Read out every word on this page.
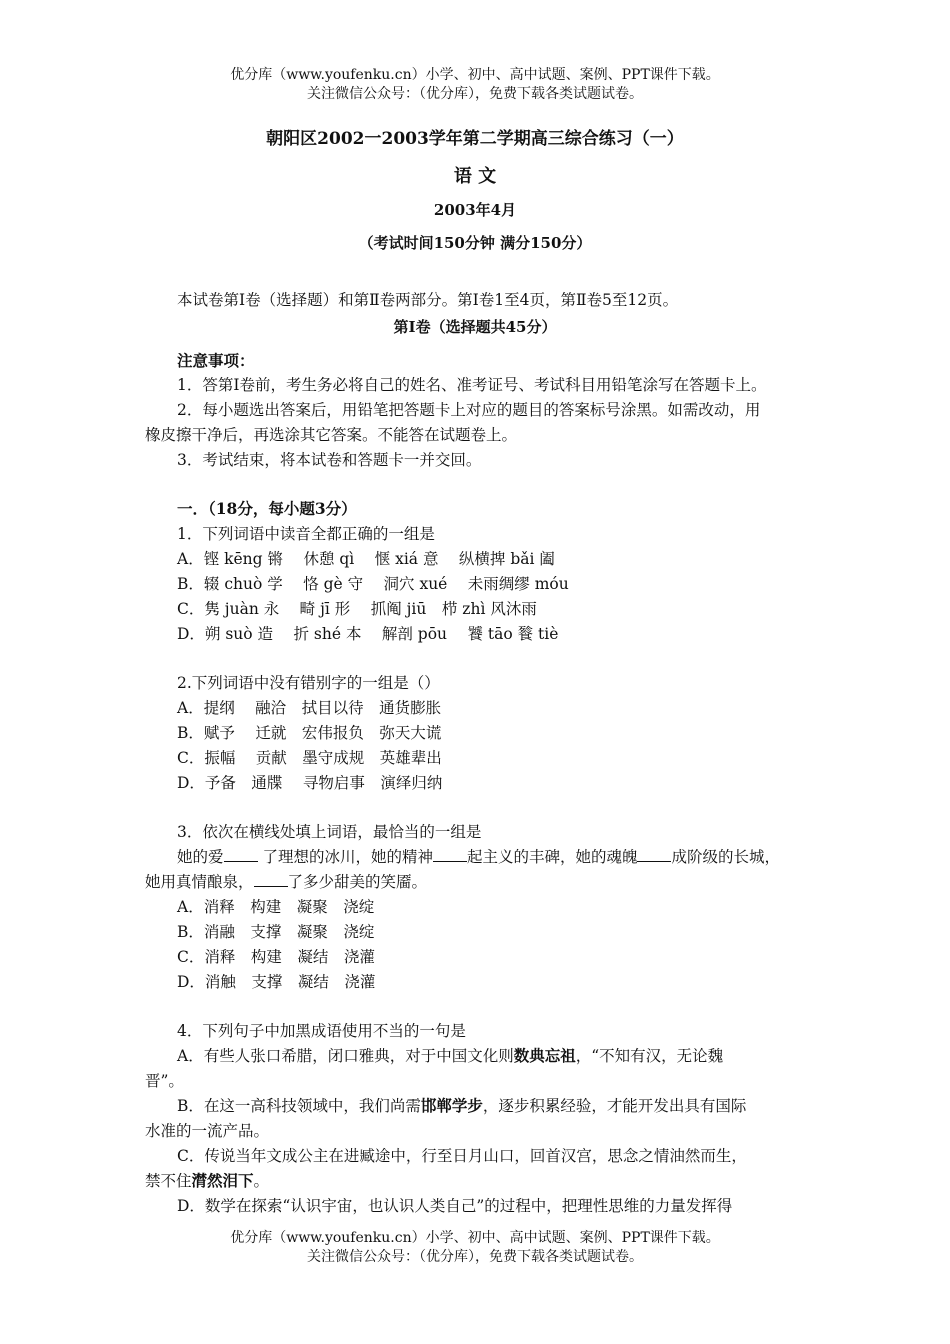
优分库（www.youfenku.cn）小学、初中、高中试题、案例、PPT课件下载。
关注微信公众号：（优分库），免费下载各类试题试卷。
朝阳区2002一2003学年第二学期高三综合练习（一）
语 文
2003年4月
（考试时间150分钟 满分150分）
本试卷第Ⅰ卷（选择题）和第Ⅱ卷两部分。第Ⅰ卷1至4页，第Ⅱ卷5至12页。
第Ⅰ卷（选择题共45分）
注意事项：
1．答第Ⅰ卷前，考生务必将自己的姓名、准考证号、考试科目用铅笔涂写在答题卡上。
2．每小题选出答案后，用铅笔把答题卡上对应的题目的答案标号涂黑。如需改动，用
橡皮擦干净后，再选涂其它答案。不能答在试题卷上。
3．考试结束，将本试卷和答题卡一并交回。
一．（18分，每小题3分）
1．下列词语中读音全都正确的一组是
A．铿 kēng 锵　 休憩 qì　 惬 xiá 意　 纵横捭 bǎi 阖
B．辍 chuò 学　 恪 gè 守　 洞穴 xué　 未雨绸缪 móu
C．隽 juàn 永　 畸 jī 形　 抓阄 jiū　栉 zhì 风沐雨
D．朔 suò 造　 折 shé 本　 解剖 pōu　 饕 tāo 餮 tiè
2.下列词语中没有错别字的一组是（）
A．提纲　 融洽　拭目以待　通货膨胀
B．赋予　 迁就　宏伟报负　弥天大谎
C．振幅　 贡献　墨守成规　英雄辈出
D．予备　通牒　 寻物启事　演绎归纳
3．依次在横线处填上词语，最恰当的一组是
她的爱	了理想的冰川，她的精神 起主义的丰碑，她的魂魄 成阶级的长城，
她用真情酿泉， 了多少甜美的笑靥。
A．消释　构建　凝聚　浇绽
B．消融　支撑　凝聚　浇绽
C．消释　构建　凝结　浇灌
D．消触　支撑　凝结　浇灌
4．下列句子中加黑成语使用不当的一句是
A．有些人张口希腊，闭口雅典，对于中国文化则数典忘祖，“不知有汉，无论魏
晋”。
B．在这一高科技领域中，我们尚需邯郸学步，逐步积累经验，才能开发出具有国际
水准的一流产品。
C．传说当年文成公主在进臧途中，行至日月山口，回首汉宫，思念之情油然而生，
禁不住潸然泪下。
D．数学在探索“认识宇宙，也认识人类自己”的过程中，把理性思维的力量发挥得
优分库（www.youfenku.cn）小学、初中、高中试题、案例、PPT课件下载。
关注微信公众号：（优分库），免费下载各类试题试卷。
